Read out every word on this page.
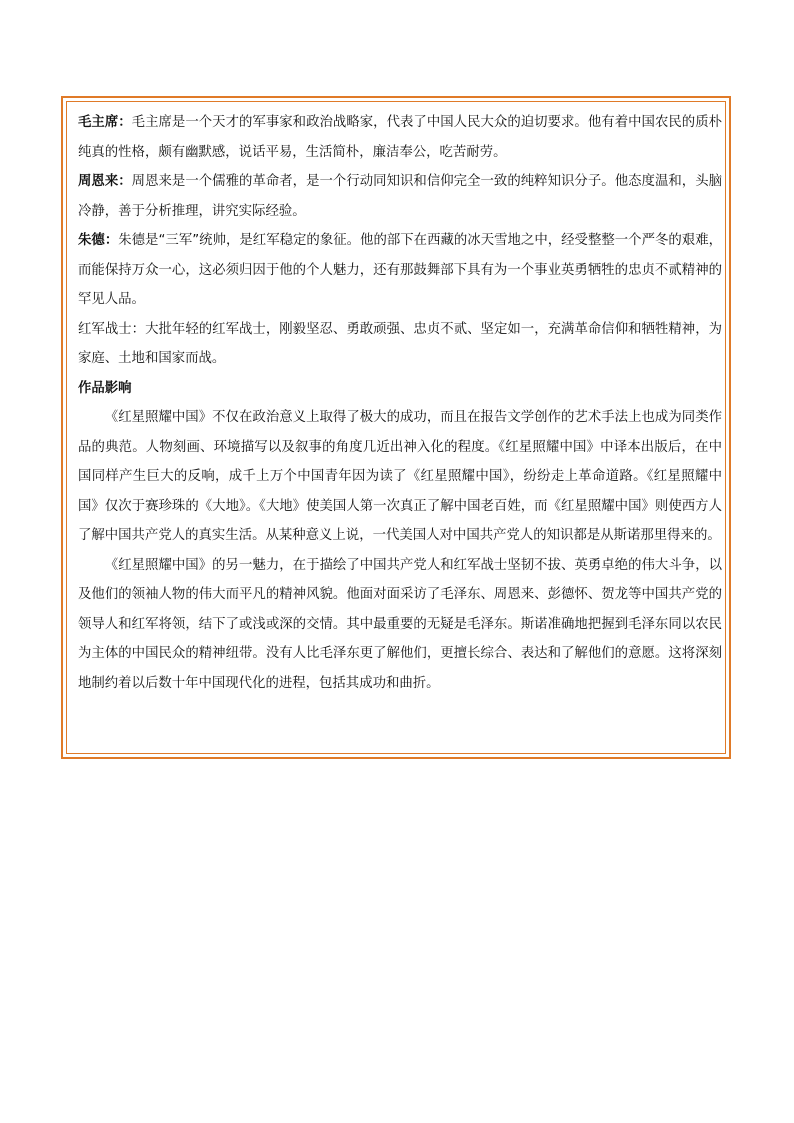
毛主席：毛主席是一个天才的军事家和政治战略家，代表了中国人民大众的迫切要求。他有着中国农民的质朴纯真的性格，颇有幽默感，说话平易，生活简朴，廉洁奉公，吃苦耐劳。

周恩来：周恩来是一个儒雅的革命者，是一个行动同知识和信仰完全一致的纯粹知识分子。他态度温和，头脑冷静，善于分析推理，讲究实际经验。

朱德：朱德是“三军”统帅，是红军稳定的象征。他的部下在西藏的冰天雪地之中，经受整整一个严冬的艰难，而能保持万众一心，这必须归因于他的个人魅力，还有那鼓舞部下具有为一个事业英勇牺牲的忠贞不贰精神的罕见人品。

红军战士：大批年轻的红军战士，刚毅坚忍、勇敢顽强、忠贞不贰、坚定如一，充满革命信仰和牺牲精神，为家庭、土地和国家而战。

作品影响

《红星照耀中国》不仅在政治意义上取得了极大的成功，而且在报告文学创作的艺术手法上也成为同类作品的典范。人物刻画、环境描写以及叙事的角度几近出神入化的程度。《红星照耀中国》中译本出版后，在中国同样产生巨大的反响，成千上万个中国青年因为读了《红星照耀中国》，纷纷走上革命道路。《红星照耀中国》仅次于赛珍珠的《大地》。《大地》使美国人第一次真正了解中国老百姓，而《红星照耀中国》则使西方人了解中国共产党人的真实生活。从某种意义上说，一代美国人对中国共产党人的知识都是从斯诺那里得来的。

《红星照耀中国》的另一魅力，在于描绘了中国共产党人和红军战士坚韧不拔、英勇卓绝的伟大斗争，以及他们的领袖人物的伟大而平凡的精神风貌。他面对面采访了毛泽东、周恩来、彭德怀、贺龙等中国共产党的领导人和红军将领，结下了或浅或深的交情。其中最重要的无疑是毛泽东。斯诺准确地把握到毛泽东同以农民为主体的中国民众的精神纽带。没有人比毛泽东更了解他们，更擅长综合、表达和了解他们的意愿。这将深刻地制约着以后数十年中国现代化的进程，包括其成功和曲折。
